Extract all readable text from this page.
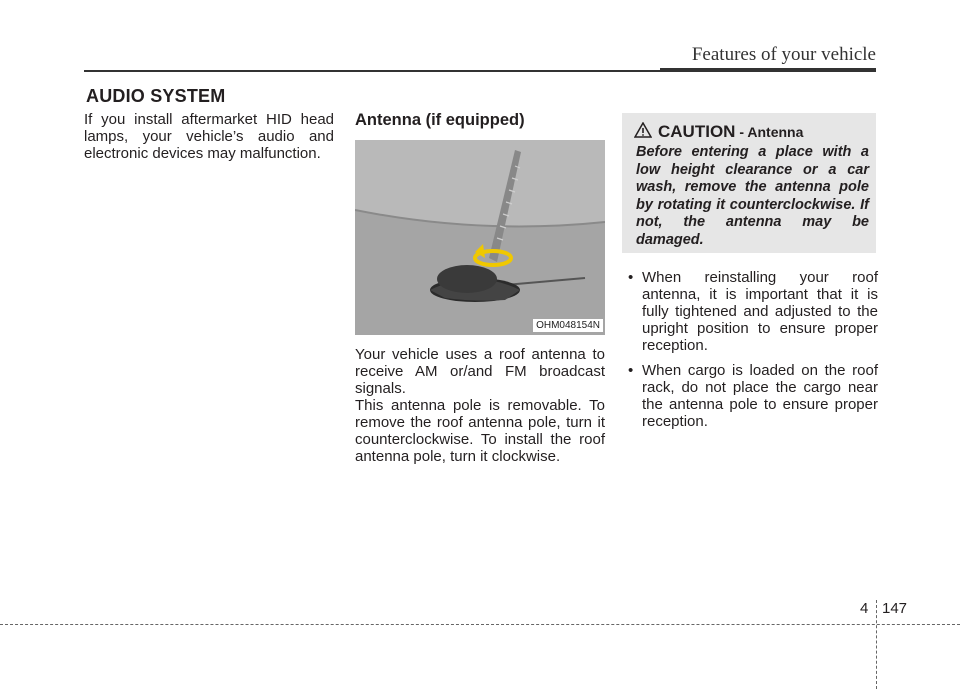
Features of your vehicle
AUDIO SYSTEM
If you install aftermarket HID head lamps, your vehicle’s audio and electronic devices may malfunction.
Antenna (if equipped)
OHM048154N
Your vehicle uses a roof antenna to receive AM or/and FM broadcast signals.
This antenna pole is removable. To remove the roof antenna pole, turn it counterclockwise. To install the roof antenna pole, turn it clockwise.
CAUTION - Antenna
Before entering a place with a low height clearance or a car wash, remove the antenna pole by rotating it counterclockwise. If not, the antenna may be damaged.
• When reinstalling your roof antenna, it is important that it is fully tightened and adjusted to the upright position to ensure proper reception.
• When cargo is loaded on the roof rack, do not place the cargo near the antenna pole to ensure proper reception.
4 147
